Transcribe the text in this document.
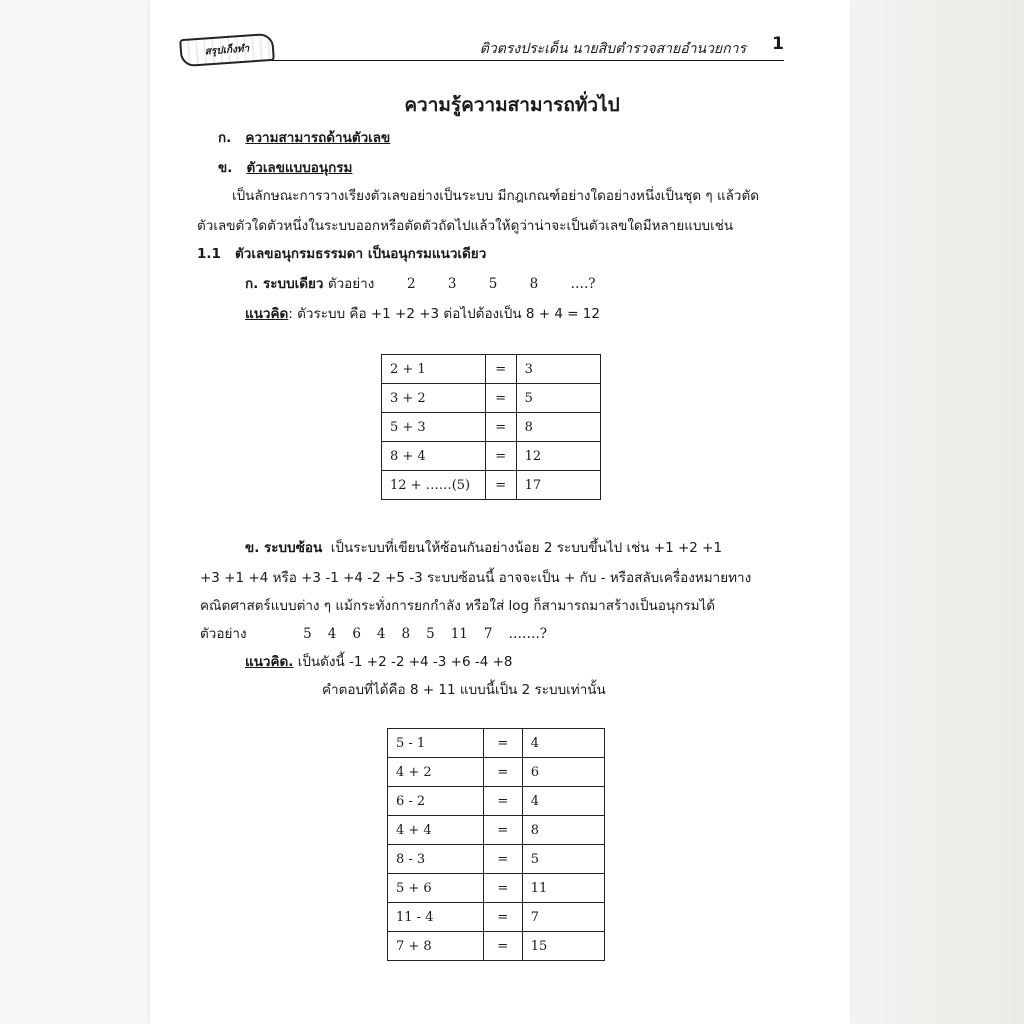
สรุปเก็งทำ	ติวตรงประเด็น นายสิบตำรวจสายอำนวยการ 1
ความรู้ความสามารถทั่วไป
ก. ความสามารถด้านตัวเลข
ข. ตัวเลขแบบอนุกรม
เป็นลักษณะการวางเรียงตัวเลขอย่างเป็นระบบ มีกฎเกณฑ์อย่างใดอย่างหนึ่งเป็นชุด ๆ แล้วตัด
ตัวเลขตัวใดตัวหนึ่งในระบบออกหรือตัดตัวถัดไปแล้วให้ดูว่าน่าจะเป็นตัวเลขใดมีหลายแบบเช่น
1.1 ตัวเลขอนุกรมธรรมดา เป็นอนุกรมแนวเดียว
ก. ระบบเดียว ตัวอย่าง 2 3 5 8 ….?
แนวคิด: ตัวระบบ คือ +1 +2 +3 ต่อไปต้องเป็น 8 + 4 = 12
2 + 1	=	3
3 + 2	=	5
5 + 3	=	8
8 + 4	=	12
12 + ……(5)	=	17
ข. ระบบซ้อน เป็นระบบที่เขียนให้ซ้อนกันอย่างน้อย 2 ระบบขึ้นไป เช่น +1 +2 +1
+3 +1 +4 หรือ +3 -1 +4 -2 +5 -3 ระบบซ้อนนี้ อาจจะเป็น + กับ - หรือสลับเครื่องหมายทาง
คณิตศาสตร์แบบต่าง ๆ แม้กระทั่งการยกกำลัง หรือใส่ log ก็สามารถมาสร้างเป็นอนุกรมได้
ตัวอย่าง	5 4 6 4 8 5 11 7 …….?
แนวคิด. เป็นดังนี้ -1 +2 -2 +4 -3 +6 -4 +8
คำตอบที่ได้คือ 8 + 11 แบบนี้เป็น 2 ระบบเท่านั้น
5 - 1	=	4
4 + 2	=	6
6 - 2	=	4
4 + 4	=	8
8 - 3	=	5
5 + 6	=	11
11 - 4	=	7
7 + 8	=	15
